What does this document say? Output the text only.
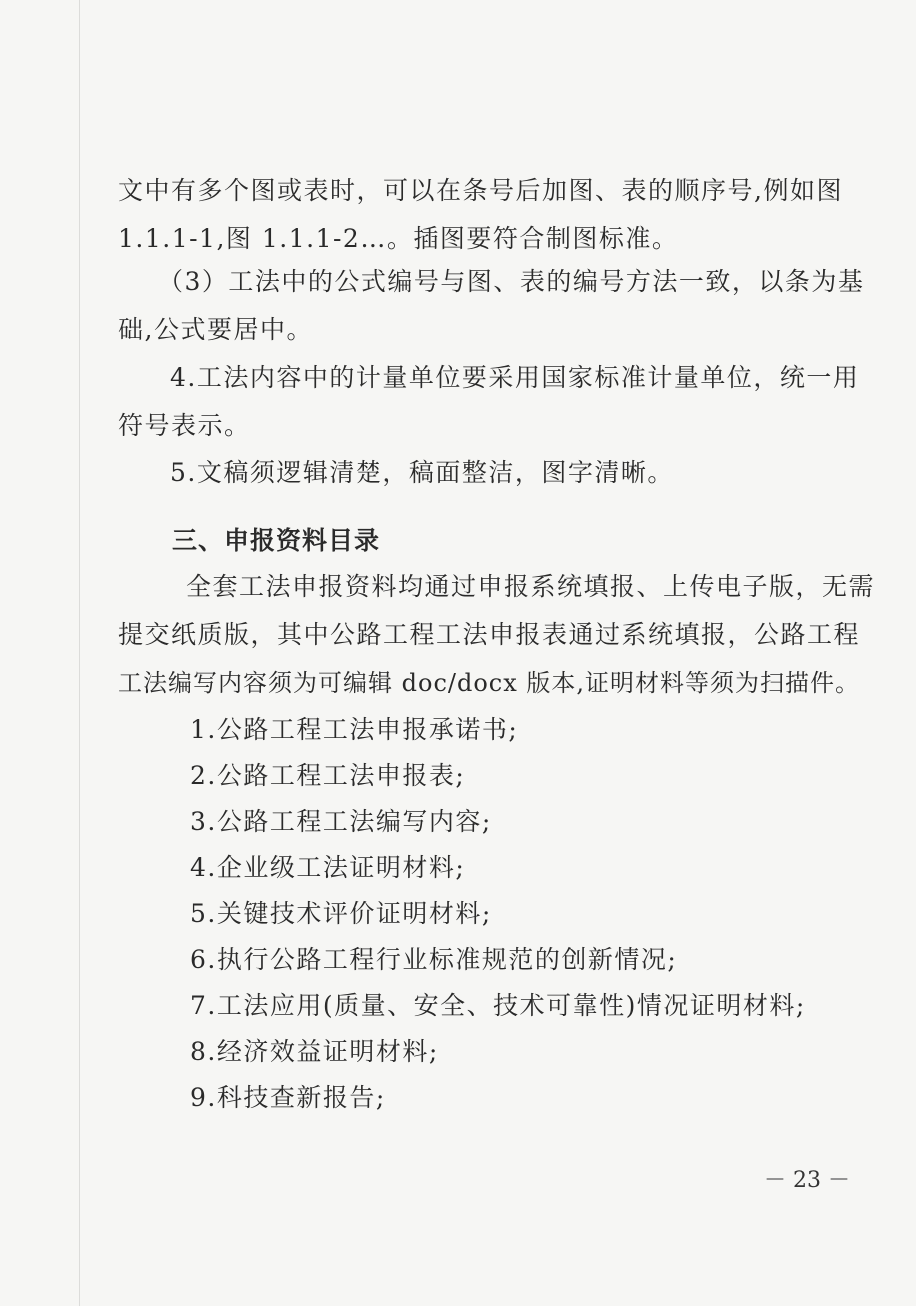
文中有多个图或表时，可以在条号后加图、表的顺序号,例如图
1.1.1-1,图 1.1.1-2…。插图要符合制图标准。
（3）工法中的公式编号与图、表的编号方法一致，以条为基
础,公式要居中。
4.工法内容中的计量单位要采用国家标准计量单位，统一用
符号表示。
5.文稿须逻辑清楚，稿面整洁，图字清晰。
三、申报资料目录
全套工法申报资料均通过申报系统填报、上传电子版，无需
提交纸质版，其中公路工程工法申报表通过系统填报，公路工程
工法编写内容须为可编辑 doc/docx 版本,证明材料等须为扫描件。
1.公路工程工法申报承诺书;
2.公路工程工法申报表;
3.公路工程工法编写内容;
4.企业级工法证明材料;
5.关键技术评价证明材料;
6.执行公路工程行业标准规范的创新情况;
7.工法应用(质量、安全、技术可靠性)情况证明材料;
8.经济效益证明材料;
9.科技查新报告;
－ 23 －
